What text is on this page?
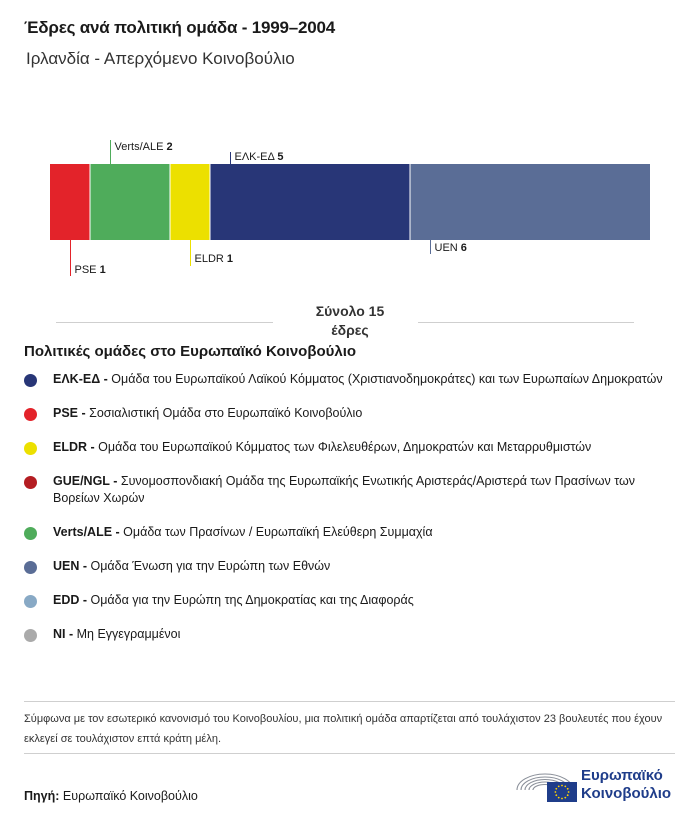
Έδρες ανά πολιτική ομάδα - 1999–2004
Ιρλανδία - Απερχόμενο Κοινοβούλιο
PSE 1
Verts/ALE 2
ELDR 1
ΕΛΚ-ΕΔ 5
UEN 6
Σύνολο 15
έδρες
Πολιτικές ομάδες στο Ευρωπαϊκό Κοινοβούλιο
ΕΛΚ-ΕΔ - Ομάδα του Ευρωπαϊκού Λαϊκού Κόμματος (Χριστιανοδημοκράτες) και των Ευρωπαίων Δημοκρατών
PSE - Σοσιαλιστική Ομάδα στο Ευρωπαϊκό Κοινοβούλιο
ELDR - Ομάδα του Ευρωπαϊκού Κόμματος των Φιλελευθέρων, Δημοκρατών και Μεταρρυθμιστών
GUE/NGL - Συνομοσπονδιακή Ομάδα της Ευρωπαϊκής Ενωτικής Αριστεράς/Αριστερά των Πρασίνων των Βορείων Χωρών
Verts/ALE - Ομάδα των Πρασίνων / Ευρωπαϊκή Ελεύθερη Συμμαχία
UEN - Ομάδα Ένωση για την Ευρώπη των Εθνών
EDD - Ομάδα για την Ευρώπη της Δημοκρατίας και της Διαφοράς
NI - Μη Εγγεγραμμένοι
Σύμφωνα με τον εσωτερικό κανονισμό του Κοινοβουλίου, μια πολιτική ομάδα απαρτίζεται από τουλάχιστον 23 βουλευτές που έχουν εκλεγεί σε τουλάχιστον επτά κράτη μέλη.
Πηγή: Ευρωπαϊκό Κοινοβούλιο
Ευρωπαϊκό
Κοινοβούλιο
